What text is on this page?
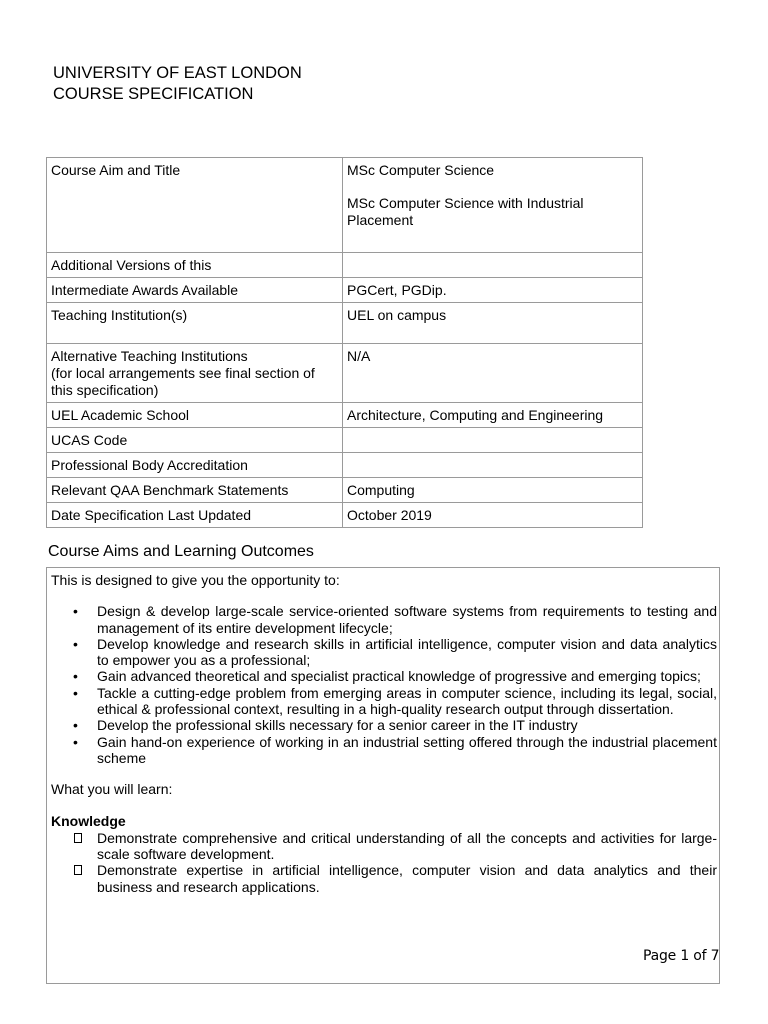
UNIVERSITY OF EAST LONDON
COURSE SPECIFICATION
Course Aim and Title	MSc Computer Science

MSc Computer Science with Industrial Placement

Additional Versions of this	
Intermediate Awards Available	PGCert, PGDip.
Teaching Institution(s)	UEL on campus
Alternative Teaching Institutions
(for local arrangements see final section of this specification)	N/A
UEL Academic School	Architecture, Computing and Engineering
UCAS Code	
Professional Body Accreditation	
Relevant QAA Benchmark Statements	Computing
Date Specification Last Updated	October 2019
Course Aims and Learning Outcomes

This is designed to give you the opportunity to:

• Design & develop large-scale service-oriented software systems from requirements to testing and management of its entire development lifecycle;
• Develop knowledge and research skills in artificial intelligence, computer vision and data analytics to empower you as a professional;
• Gain advanced theoretical and specialist practical knowledge of progressive and emerging topics;
• Tackle a cutting-edge problem from emerging areas in computer science, including its legal, social, ethical & professional context, resulting in a high-quality research output through dissertation.
• Develop the professional skills necessary for a senior career in the IT industry
• Gain hand-on experience of working in an industrial setting offered through the industrial placement scheme

What you will learn:

Knowledge

Demonstrate comprehensive and critical understanding of all the concepts and activities for large-scale software development.
Demonstrate expertise in artificial intelligence, computer vision and data analytics and their business and research applications.
Page 1 of 7
